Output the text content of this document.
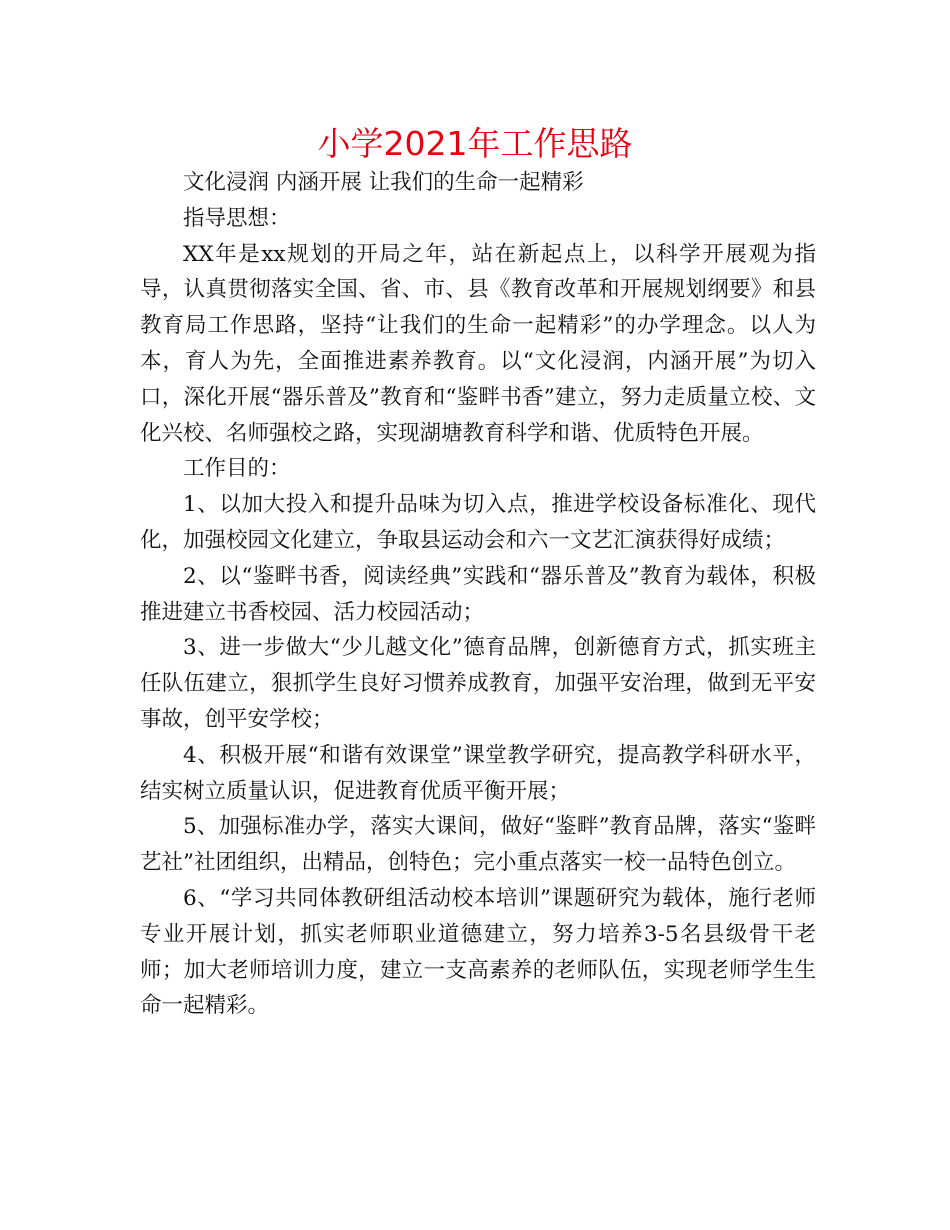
小学2021年工作思路

文化浸润 内涵开展 让我们的生命一起精彩

指导思想：

XX年是xx规划的开局之年，站在新起点上，以科学开展观为指导，认真贯彻落实全国、省、市、县《教育改革和开展规划纲要》和县教育局工作思路，坚持“让我们的生命一起精彩”的办学理念。以人为本，育人为先，全面推进素养教育。以“文化浸润，内涵开展”为切入口，深化开展“器乐普及”教育和“鉴畔书香”建立，努力走质量立校、文化兴校、名师强校之路，实现湖塘教育科学和谐、优质特色开展。

工作目的：

1、以加大投入和提升品味为切入点，推进学校设备标准化、现代化，加强校园文化建立，争取县运动会和六一文艺汇演获得好成绩；

2、以“鉴畔书香，阅读经典”实践和“器乐普及”教育为载体，积极推进建立书香校园、活力校园活动；

3、进一步做大“少儿越文化”德育品牌，创新德育方式，抓实班主任队伍建立，狠抓学生良好习惯养成教育，加强平安治理，做到无平安事故，创平安学校；

4、积极开展“和谐有效课堂”课堂教学研究，提高教学科研水平，结实树立质量认识，促进教育优质平衡开展；

5、加强标准办学，落实大课间，做好“鉴畔”教育品牌，落实“鉴畔艺社”社团组织，出精品，创特色；完小重点落实一校一品特色创立。

6、“学习共同体教研组活动校本培训”课题研究为载体，施行老师专业开展计划，抓实老师职业道德建立，努力培养3-5名县级骨干老师；加大老师培训力度，建立一支高素养的老师队伍，实现老师学生生命一起精彩。
